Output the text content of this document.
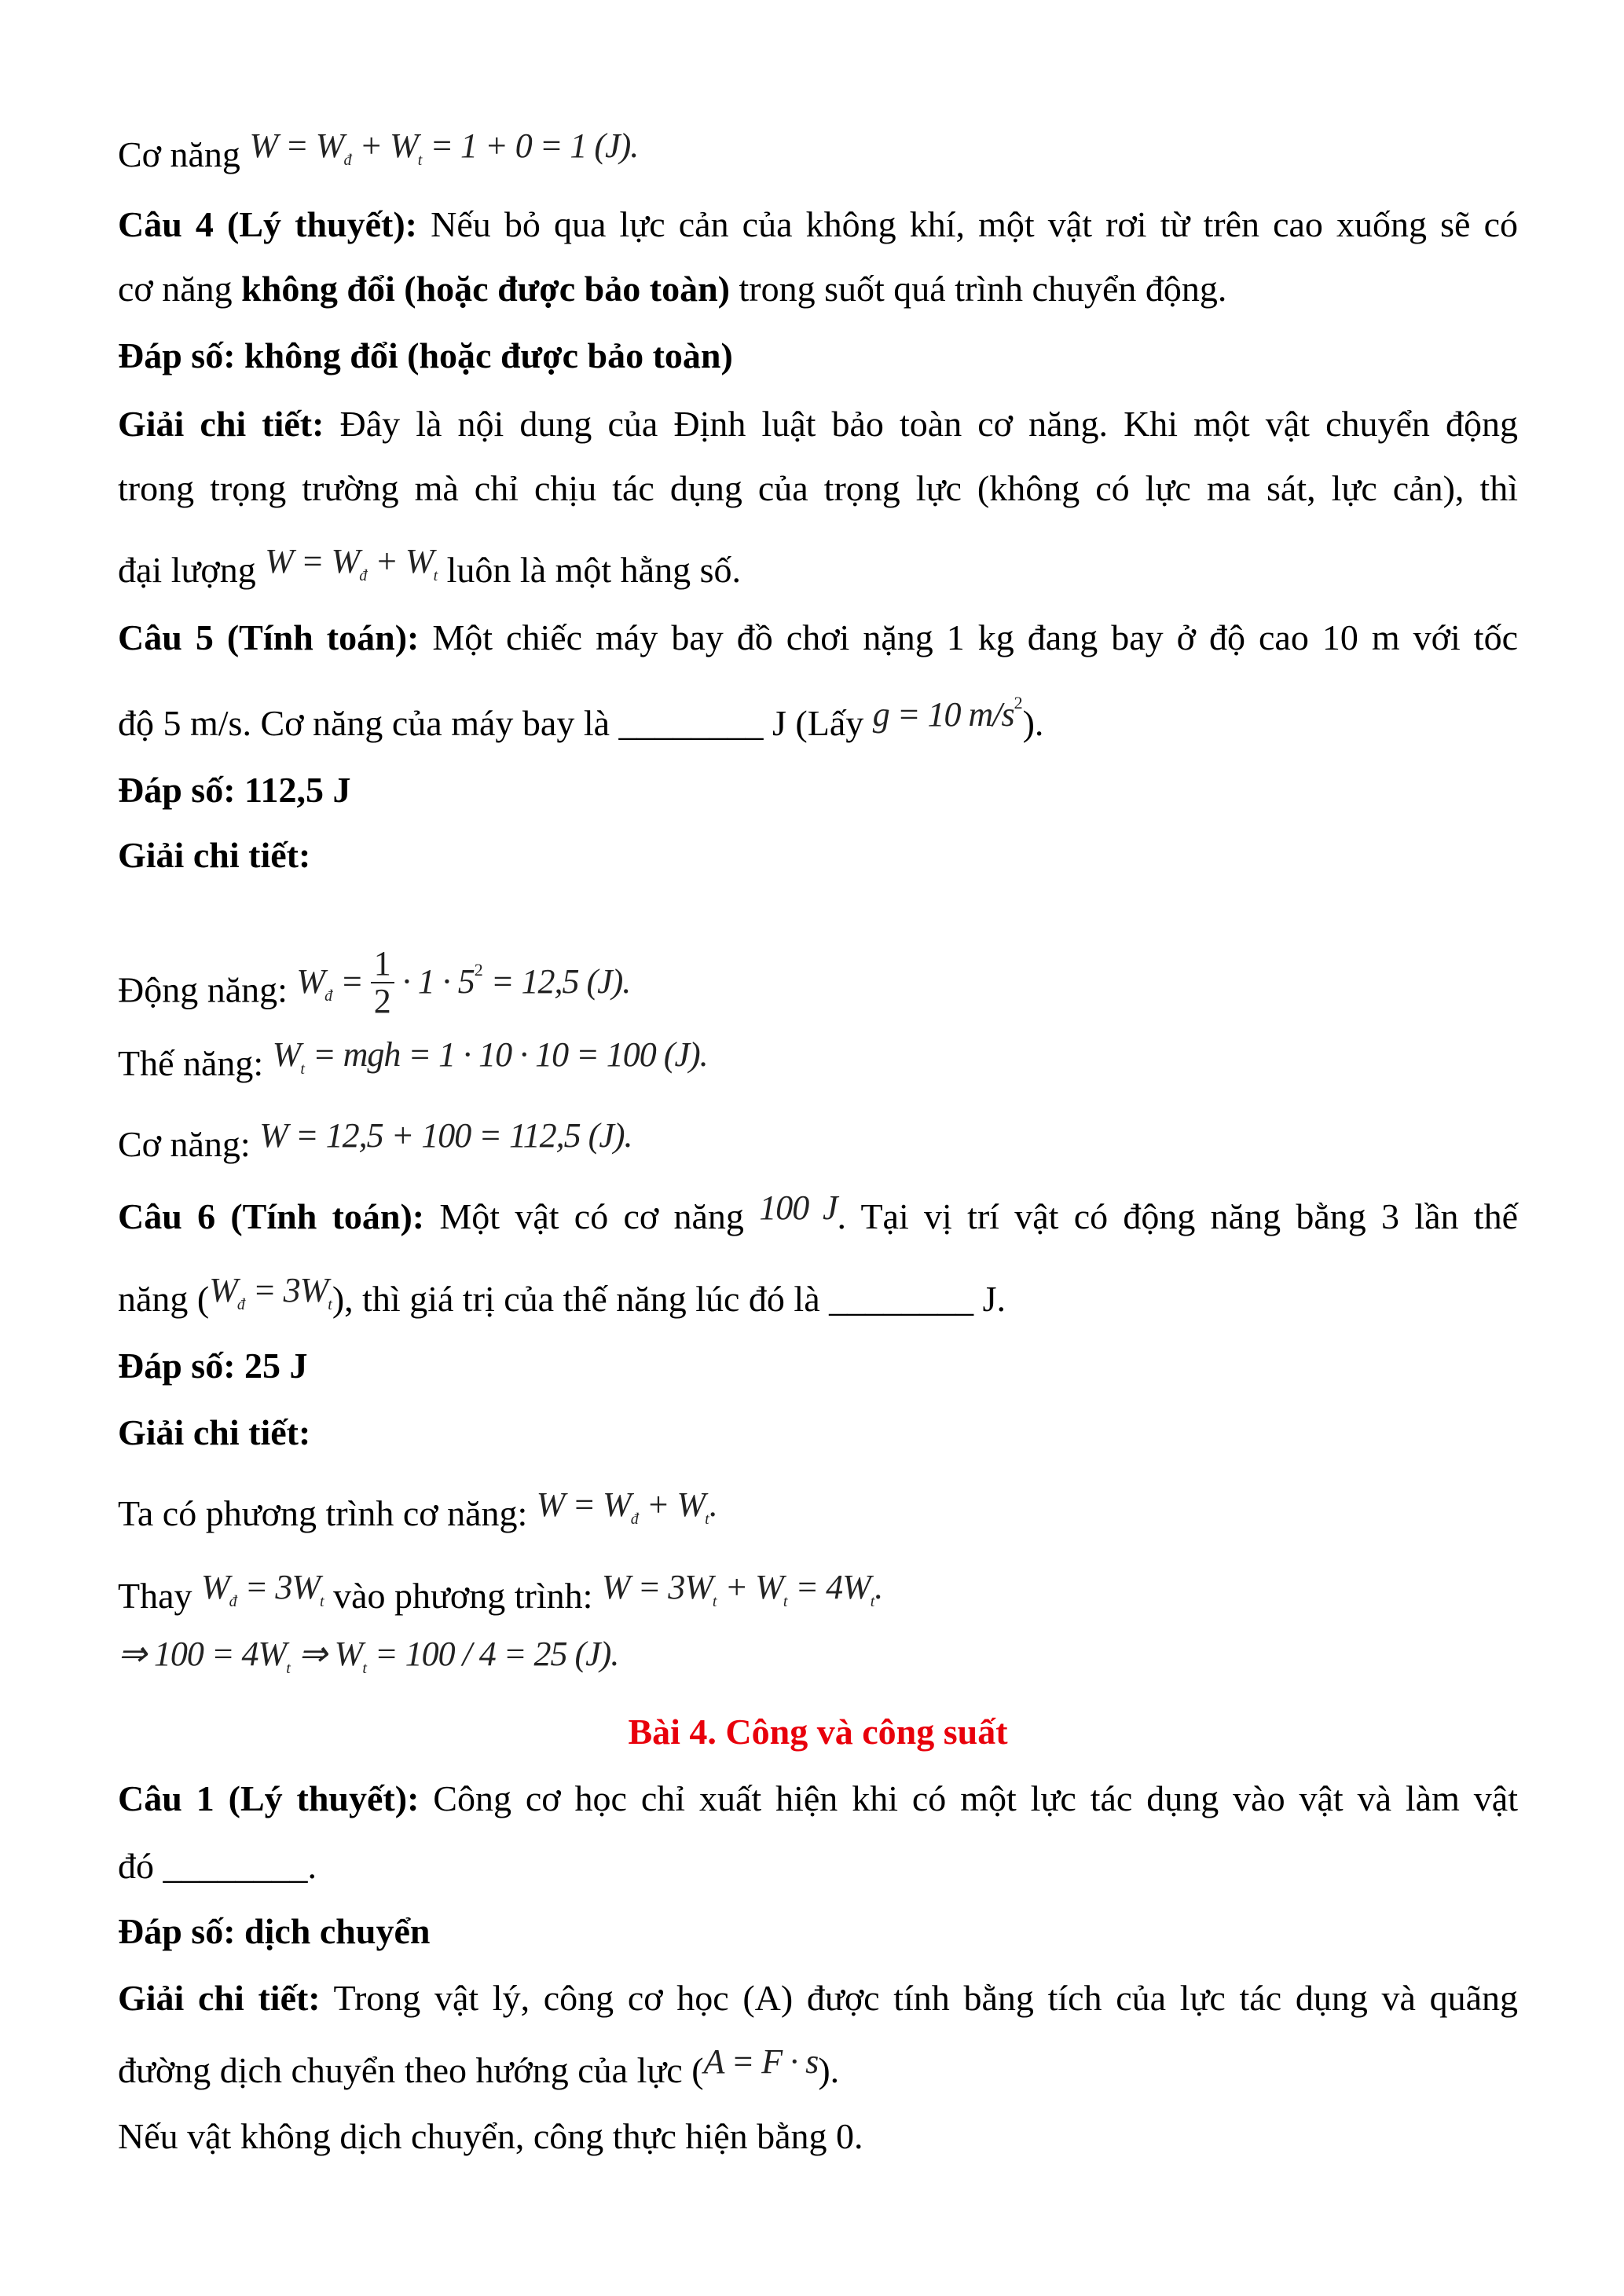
Cơ năng W = Wđ + Wt = 1 + 0 = 1 (J).
Câu 4 (Lý thuyết): Nếu bỏ qua lực cản của không khí, một vật rơi từ trên cao xuống sẽ có
cơ năng không đổi (hoặc được bảo toàn) trong suốt quá trình chuyển động.
Đáp số: không đổi (hoặc được bảo toàn)
Giải chi tiết: Đây là nội dung của Định luật bảo toàn cơ năng. Khi một vật chuyển động
trong trọng trường mà chỉ chịu tác dụng của trọng lực (không có lực ma sát, lực cản), thì
đại lượng W = Wđ + Wt luôn là một hằng số.
Câu 5 (Tính toán): Một chiếc máy bay đồ chơi nặng 1 kg đang bay ở độ cao 10 m với tốc
độ 5 m/s. Cơ năng của máy bay là ________ J (Lấy g = 10 $m/s^2$).
Đáp số: 112,5 J
Giải chi tiết:
Động năng: Wđ = $\frac{1}{2} \cdot 1 \cdot 5^2 = 12,5$ (J).
Thế năng: Wt = mgh = 1 · 10 · 10 = 100 (J).
Cơ năng: W = 12,5 + 100 = 112,5 (J).
Câu 6 (Tính toán): Một vật có cơ năng 100 J. Tại vị trí vật có động năng bằng 3 lần thế
năng (Wđ = 3Wt), thì giá trị của thế năng lúc đó là ________ J.
Đáp số: 25 J
Giải chi tiết:
Ta có phương trình cơ năng: W = Wđ + Wt.
Thay Wđ = 3Wt vào phương trình: W = 3Wt + Wt = 4Wt.
⇒ 100 = 4Wt ⇒ Wt = 100 / 4 = 25 (J).
Bài 4. Công và công suất
Câu 1 (Lý thuyết): Công cơ học chỉ xuất hiện khi có một lực tác dụng vào vật và làm vật
đó ________.
Đáp số: dịch chuyển
Giải chi tiết: Trong vật lý, công cơ học (A) được tính bằng tích của lực tác dụng và quãng
đường dịch chuyển theo hướng của lực (A = F · s).
Nếu vật không dịch chuyển, công thực hiện bằng 0.
